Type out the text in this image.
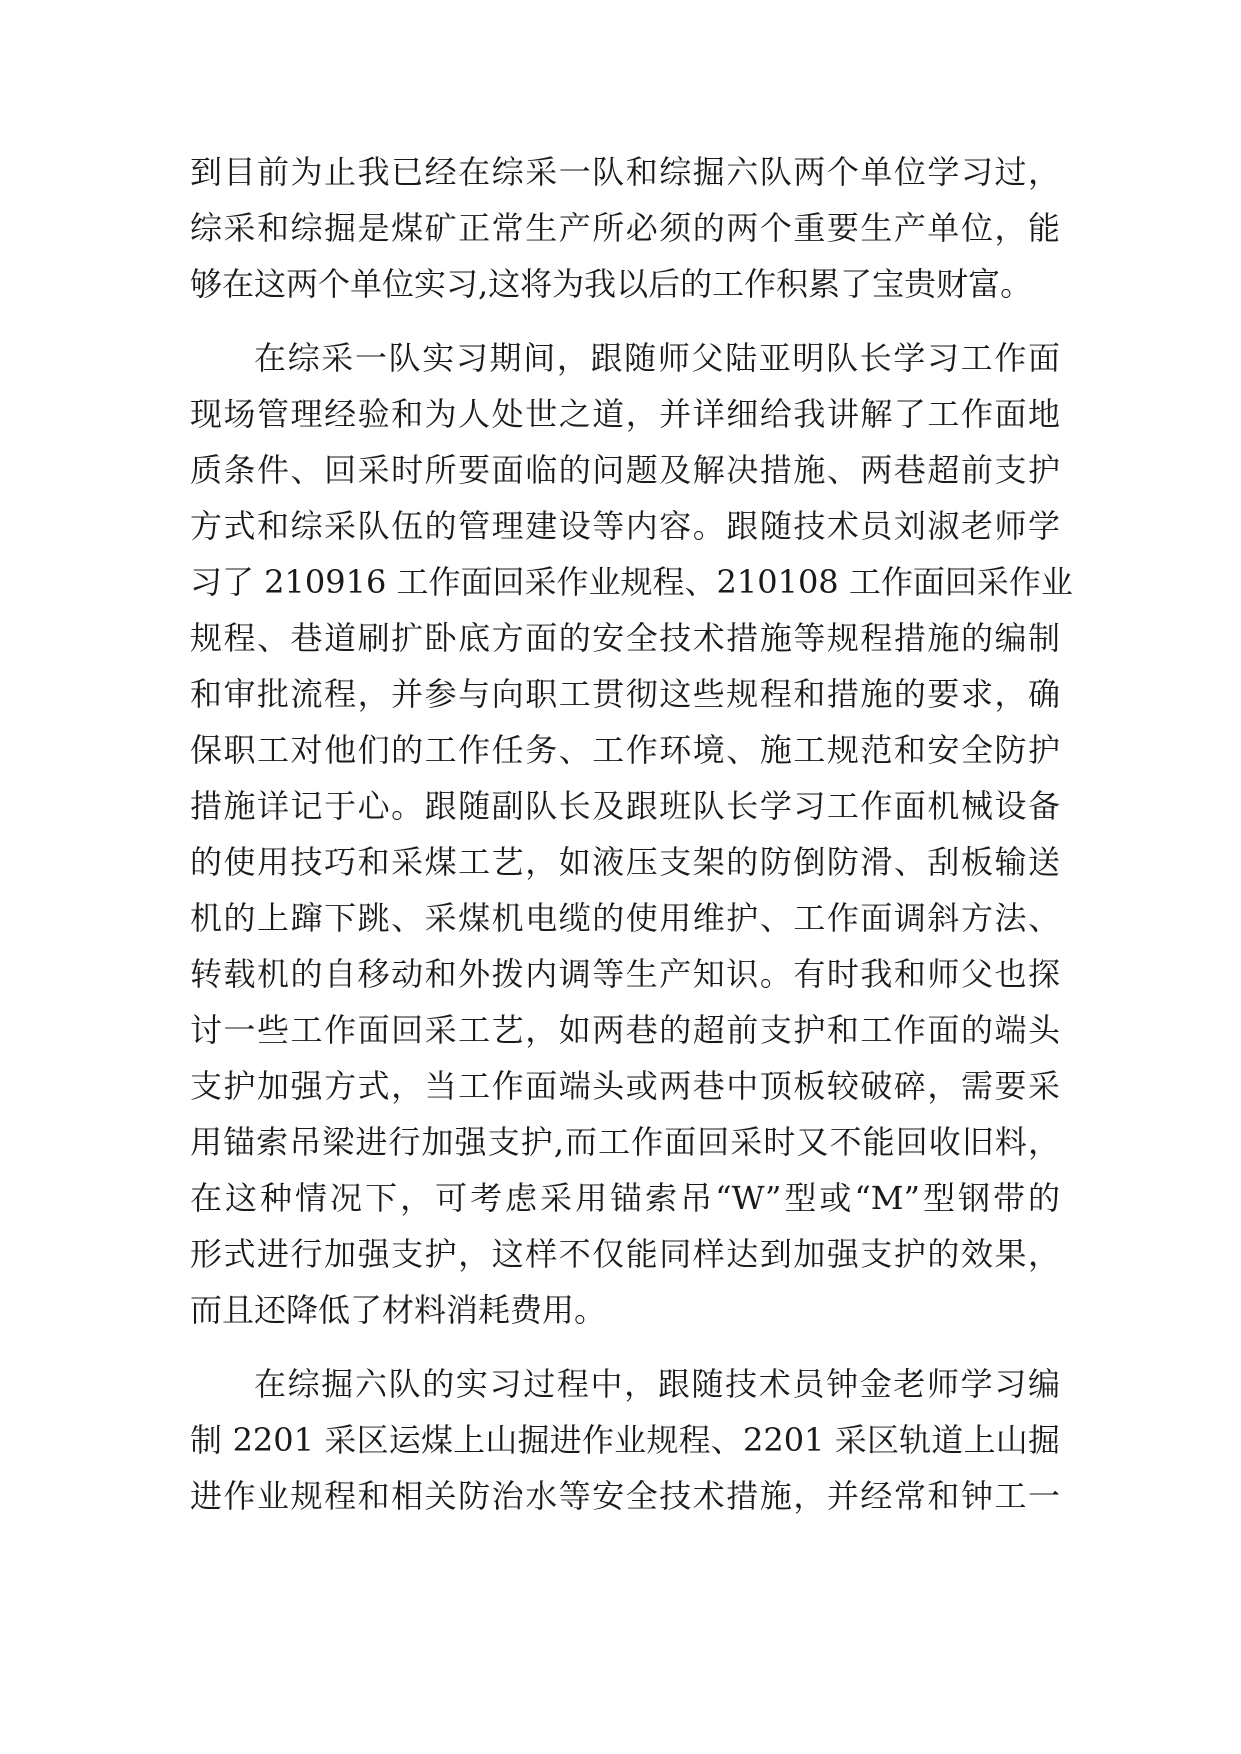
到目前为止我已经在综采一队和综掘六队两个单位学习过，
综采和综掘是煤矿正常生产所必须的两个重要生产单位，能
够在这两个单位实习,这将为我以后的工作积累了宝贵财富。
在综采一队实习期间，跟随师父陆亚明队长学习工作面
现场管理经验和为人处世之道，并详细给我讲解了工作面地
质条件、回采时所要面临的问题及解决措施、两巷超前支护
方式和综采队伍的管理建设等内容。跟随技术员刘淑老师学
习了 210916 工作面回采作业规程、210108 工作面回采作业
规程、巷道刷扩卧底方面的安全技术措施等规程措施的编制
和审批流程，并参与向职工贯彻这些规程和措施的要求，确
保职工对他们的工作任务、工作环境、施工规范和安全防护
措施详记于心。跟随副队长及跟班队长学习工作面机械设备
的使用技巧和采煤工艺，如液压支架的防倒防滑、刮板输送
机的上蹿下跳、采煤机电缆的使用维护、工作面调斜方法、
转载机的自移动和外拨内调等生产知识。有时我和师父也探
讨一些工作面回采工艺，如两巷的超前支护和工作面的端头
支护加强方式，当工作面端头或两巷中顶板较破碎，需要采
用锚索吊梁进行加强支护,而工作面回采时又不能回收旧料，
在这种情况下，可考虑采用锚索吊“W”型或“M”型钢带的
形式进行加强支护，这样不仅能同样达到加强支护的效果，
而且还降低了材料消耗费用。
在综掘六队的实习过程中，跟随技术员钟金老师学习编
制 2201 采区运煤上山掘进作业规程、2201 采区轨道上山掘
进作业规程和相关防治水等安全技术措施，并经常和钟工一
